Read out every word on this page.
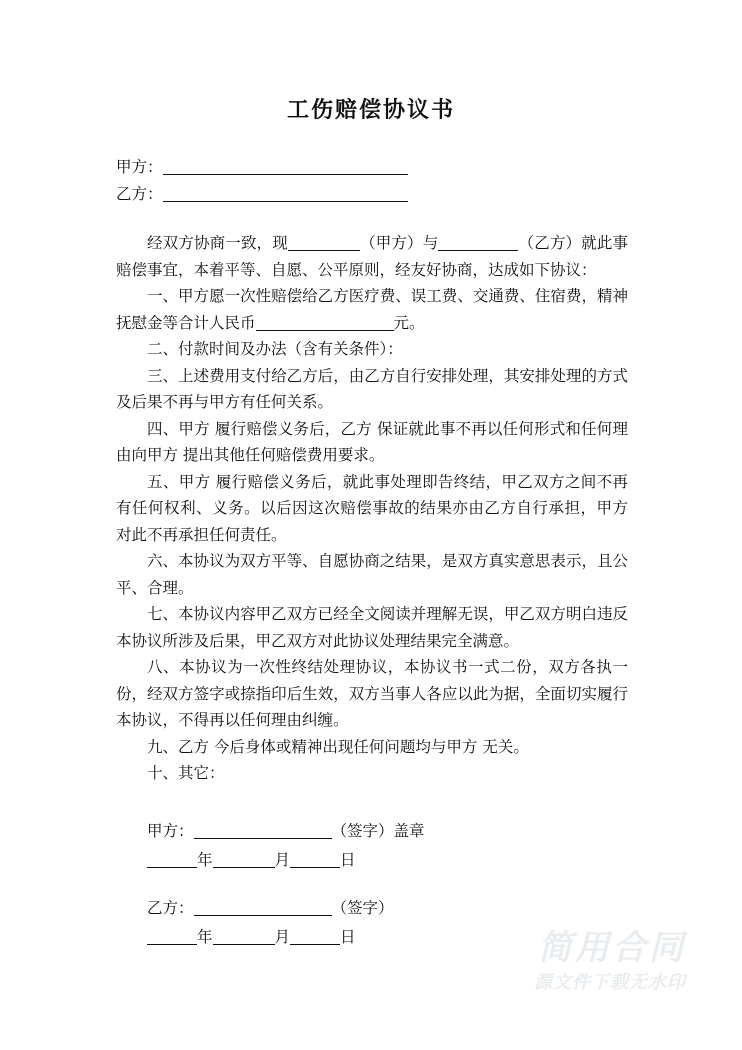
工伤赔偿协议书
甲方：
乙方：
经双方协商一致，现	（甲方）与	（乙方）就此事赔偿事宜，本着平等、自愿、公平原则，经友好协商，达成如下协议：
一、甲方愿一次性赔偿给乙方医疗费、误工费、交通费、住宿费，精神抚慰金等合计人民币	元。
二、付款时间及办法（含有关条件）：
三、上述费用支付给乙方后，由乙方自行安排处理，其安排处理的方式及后果不再与甲方有任何关系。
四、甲方 履行赔偿义务后，乙方 保证就此事不再以任何形式和任何理由向甲方 提出其他任何赔偿费用要求。
五、甲方 履行赔偿义务后，就此事处理即告终结，甲乙双方之间不再有任何权利、义务。以后因这次赔偿事故的结果亦由乙方自行承担，甲方 对此不再承担任何责任。
六、本协议为双方平等、自愿协商之结果，是双方真实意思表示，且公平、合理。
七、本协议内容甲乙双方已经全文阅读并理解无误，甲乙双方明白违反本协议所涉及后果，甲乙双方对此协议处理结果完全满意。
八、本协议为一次性终结处理协议，本协议书一式二份，双方各执一份，经双方签字或捺指印后生效，双方当事人各应以此为据，全面切实履行本协议，不得再以任何理由纠缠。
九、乙方 今后身体或精神出现任何问题均与甲方 无关。
十、其它：
甲方：	（签字）盖章
年	月	日
乙方：	（签字）
年	月	日	简用合同
源文件下载无水印
